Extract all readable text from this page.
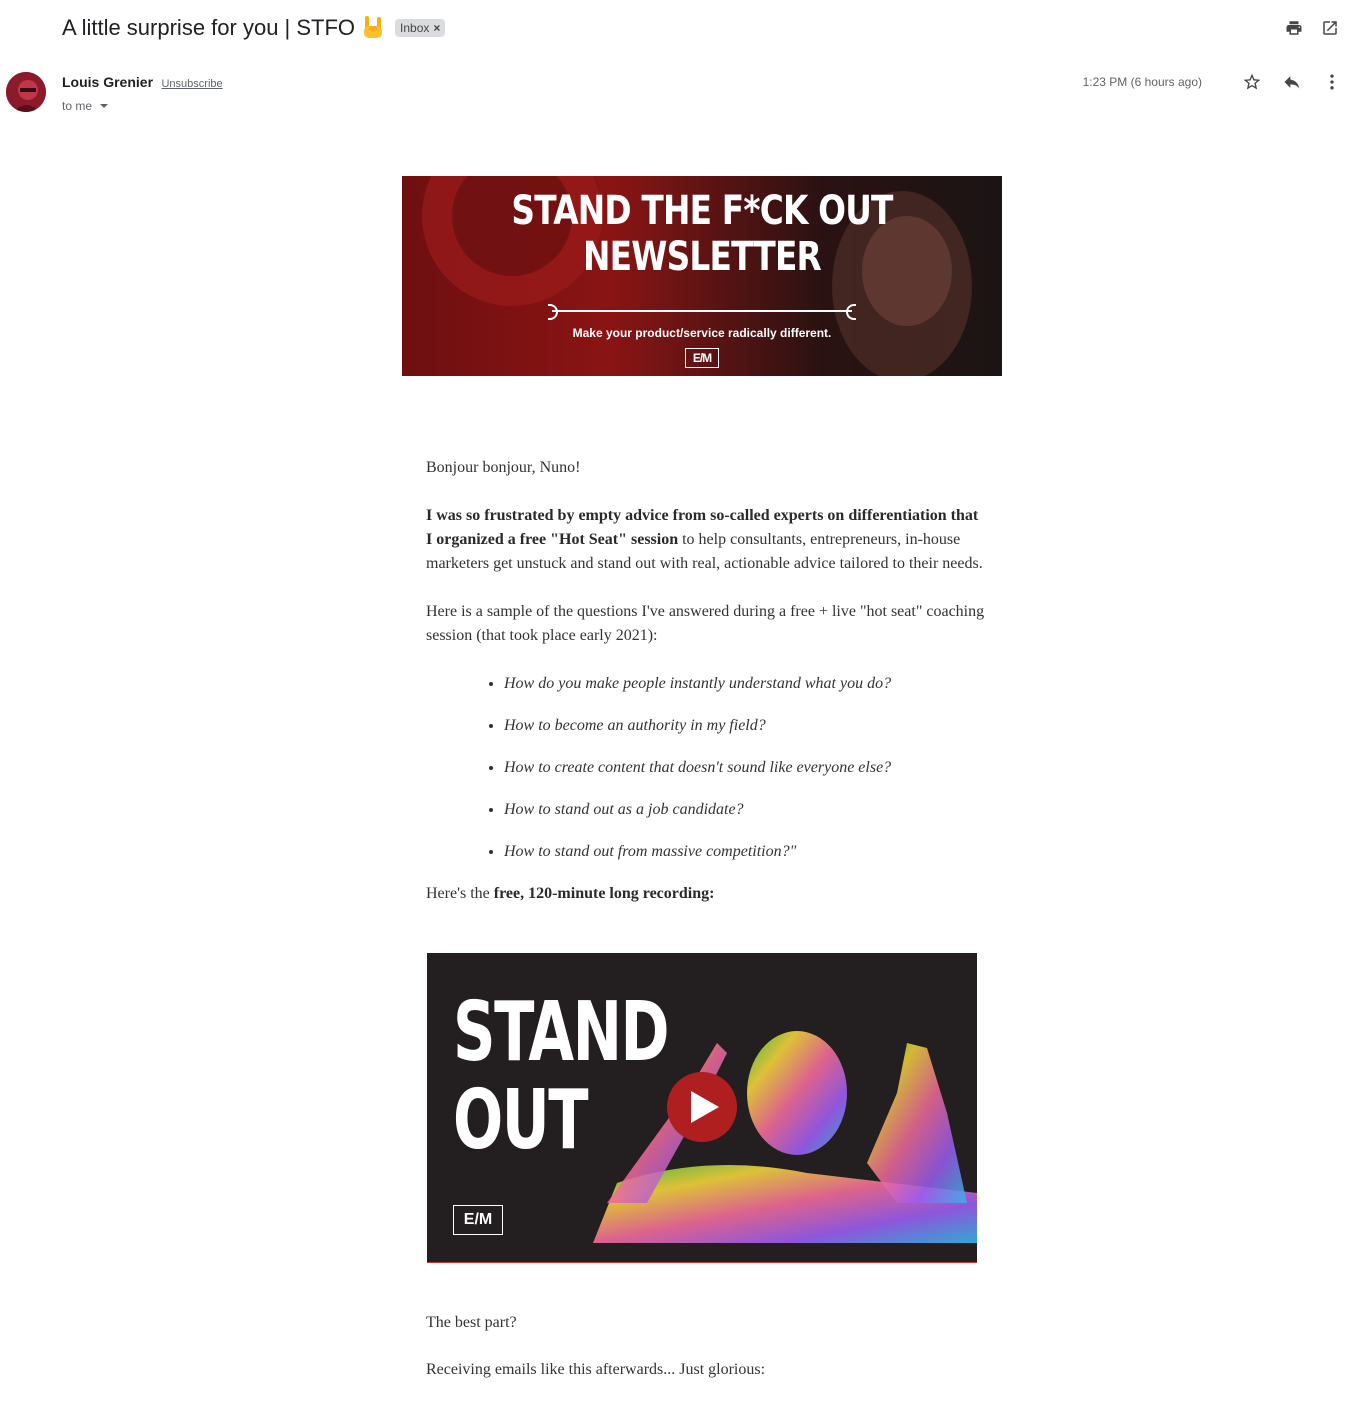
A little surprise for you | STFO	Inbox ×
Louis Grenier Unsubscribe
to me
1:23 PM (6 hours ago)
STAND THE F*CK OUT
NEWSLETTER
Make your product/service radically different.
E/M

Bonjour bonjour, Nuno!

I was so frustrated by empty advice from so-called experts on differentiation that I organized a free "Hot Seat" session to help consultants, entrepreneurs, in-house marketers get unstuck and stand out with real, actionable advice tailored to their needs.

Here is a sample of the questions I've answered during a free + live "hot seat" coaching session (that took place early 2021):

• How do you make people instantly understand what you do?
• How to become an authority in my field?
• How to create content that doesn't sound like everyone else?
• How to stand out as a job candidate?
• How to stand out from massive competition?"

Here's the free, 120-minute long recording:

STAND
OUT
E/M

The best part?

Receiving emails like this afterwards... Just glorious:
